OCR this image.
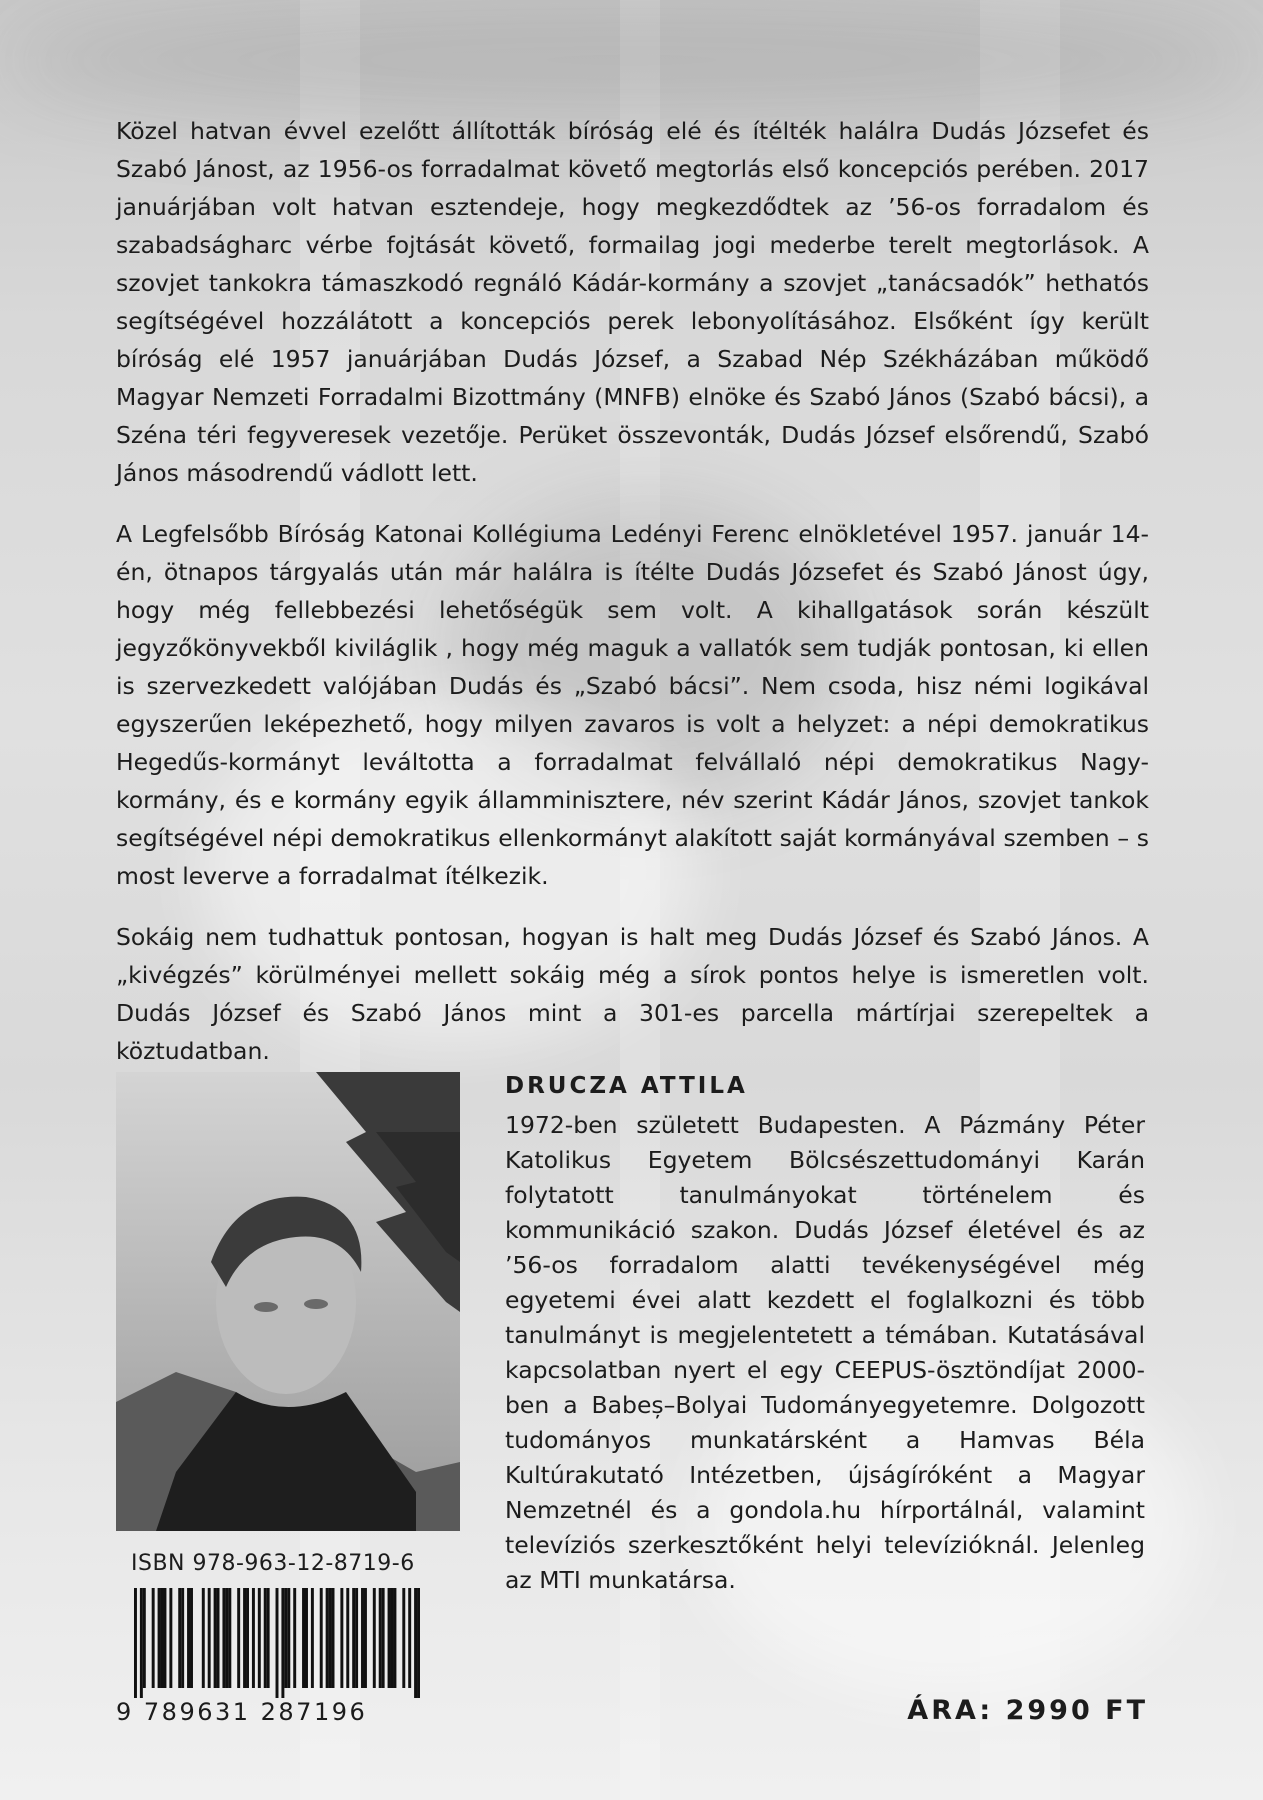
Közel hatvan évvel ezelőtt állították bíróság elé és ítélték halálra Dudás Józsefet és Szabó Jánost, az 1956-os forradalmat követő megtorlás első koncepciós perében. 2017 januárjában volt hatvan esztendeje, hogy megkezdődtek az ’56-os forradalom és szabadságharc vérbe fojtását követő, formailag jogi mederbe terelt megtorlások. A szovjet tankokra támaszkodó regnáló Kádár-kormány a szovjet „tanácsadók” hethatós segítségével hozzálátott a koncepciós perek lebonyolításához. Elsőként így került bíróság elé 1957 januárjában Dudás József, a Szabad Nép Székházában működő Magyar Nemzeti Forradalmi Bizottmány (MNFB) elnöke és Szabó János (Szabó bácsi), a Széna téri fegyveresek vezetője. Perüket összevonták, Dudás József elsőrendű, Szabó János másodrendű vádlott lett.

A Legfelsőbb Bíróság Katonai Kollégiuma Ledényi Ferenc elnökletével 1957. január 14-én, ötnapos tárgyalás után már halálra is ítélte Dudás Józsefet és Szabó Jánost úgy, hogy még fellebbezési lehetőségük sem volt. A kihallgatások során készült jegyzőkönyvekből kiviláglik , hogy még maguk a vallatók sem tudják pontosan, ki ellen is szervezkedett valójában Dudás és „Szabó bácsi”. Nem csoda, hisz némi logikával egyszerűen leképezhető, hogy milyen zavaros is volt a helyzet: a népi demokratikus Hegedűs-kormányt leváltotta a forradalmat felvállaló népi demokratikus Nagy-kormány, és e kormány egyik államminisztere, név szerint Kádár János, szovjet tankok segítségével népi demokratikus ellenkormányt alakított saját kormányával szemben – s most leverve a forradalmat ítélkezik.

Sokáig nem tudhattuk pontosan, hogyan is halt meg Dudás József és Szabó János. A „kivégzés” körülményei mellett sokáig még a sírok pontos helye is ismeretlen volt. Dudás József és Szabó János mint a 301-es parcella mártírjai szerepeltek a köztudatban.

DRUCZA ATTILA

1972-ben született Budapesten. A Pázmány Péter Katolikus Egyetem Bölcsészettudományi Karán folytatott tanulmányokat történelem és kommunikáció szakon. Dudás József életével és az ’56-os forradalom alatti tevékenységével még egyetemi évei alatt kezdett el foglalkozni és több tanulmányt is megjelentetett a témában. Kutatásával kapcsolatban nyert el egy CEEPUS-ösztöndíjat 2000-ben a Babeș–Bolyai Tudományegyetemre. Dolgozott tudományos munkatársként a Hamvas Béla Kultúrakutató Intézetben, újságíróként a Magyar Nemzetnél és a gondola.hu hírportálnál, valamint televíziós szerkesztőként helyi televízióknál. Jelenleg az MTI munkatársa.

ISBN 978-963-12-8719-6
9 789631 287196	ÁRA: 2990 FT
